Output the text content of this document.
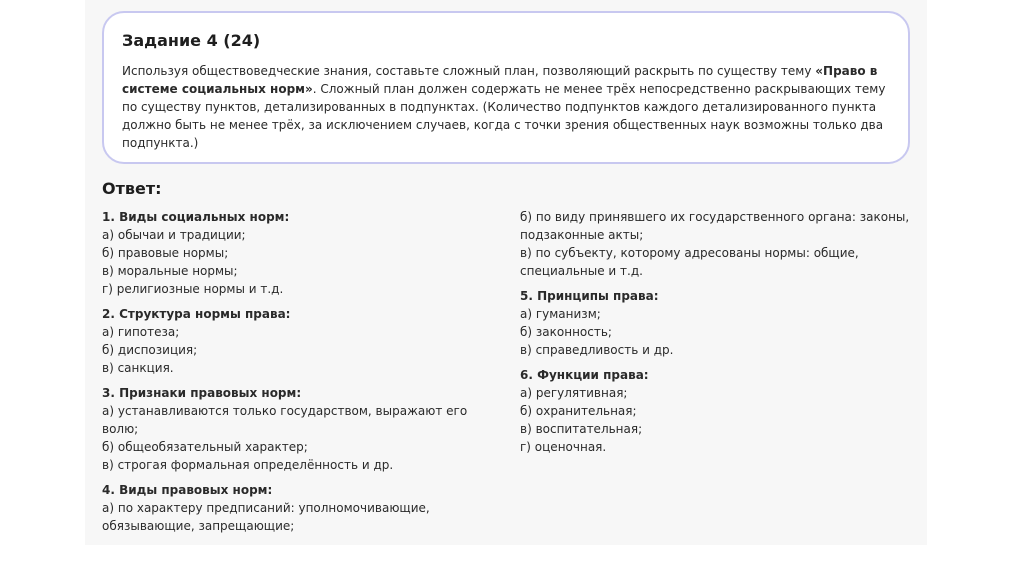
Задание 4 (24)
Используя обществоведческие знания, составьте сложный план, позволяющий раскрыть по существу тему «Право в системе социальных норм». Сложный план должен содержать не менее трёх непосредственно раскрывающих тему по существу пунктов, детализированных в подпунктах. (Количество подпунктов каждого детализированного пункта должно быть не менее трёх, за исключением случаев, когда с точки зрения общественных наук возможны только два подпункта.)
Ответ:
1. Виды социальных норм:
а) обычаи и традиции;
б) правовые нормы;
в) моральные нормы;
г) религиозные нормы и т.д.
2. Структура нормы права:
а) гипотеза;
б) диспозиция;
в) санкция.
3. Признаки правовых норм:
а) устанавливаются только государством, выражают его волю;
б) общеобязательный характер;
в) строгая формальная определённость и др.
4. Виды правовых норм:
а) по характеру предписаний: уполномочивающие, обязывающие, запрещающие;
б) по виду принявшего их государственного органа: законы, подзаконные акты;
в) по субъекту, которому адресованы нормы: общие, специальные и т.д.
5. Принципы права:
а) гуманизм;
б) законность;
в) справедливость и др.
6. Функции права:
а) регулятивная;
б) охранительная;
в) воспитательная;
г) оценочная.
